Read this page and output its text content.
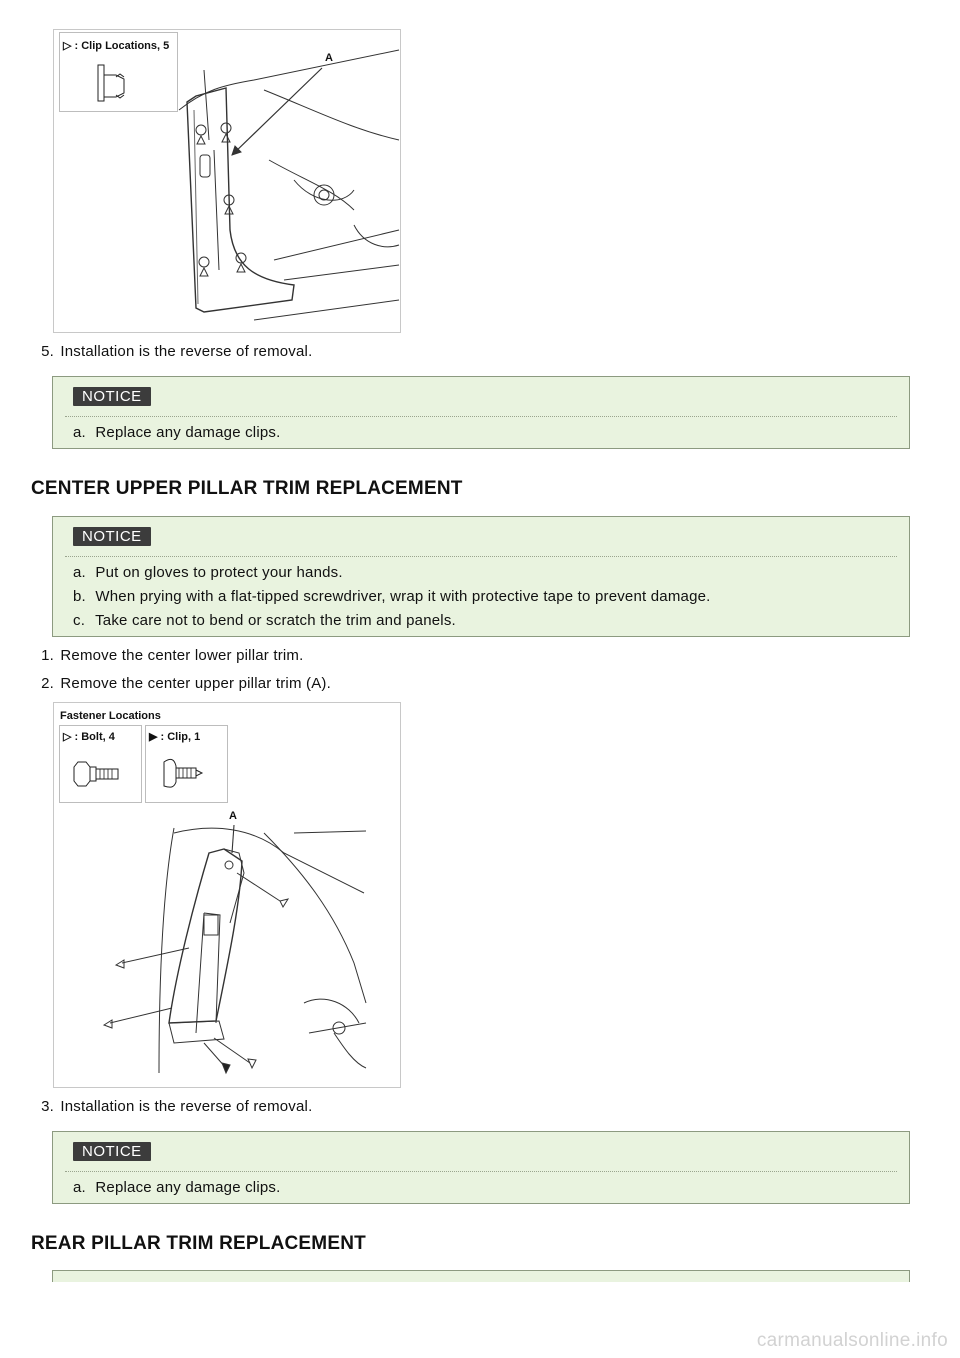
▷ : Clip Locations, 5
A
5. Installation is the reverse of removal.
NOTICE
a. Replace any damage clips.
CENTER UPPER PILLAR TRIM REPLACEMENT
NOTICE
a. Put on gloves to protect your hands.
b. When prying with a flat-tipped screwdriver, wrap it with protective tape to prevent damage.
c. Take care not to bend or scratch the trim and panels.
1. Remove the center lower pillar trim.
2. Remove the center upper pillar trim (A).
Fastener Locations
▷ : Bolt, 4	▶ : Clip, 1
A
3. Installation is the reverse of removal.
NOTICE
a. Replace any damage clips.
REAR PILLAR TRIM REPLACEMENT
carmanualsonline.info
